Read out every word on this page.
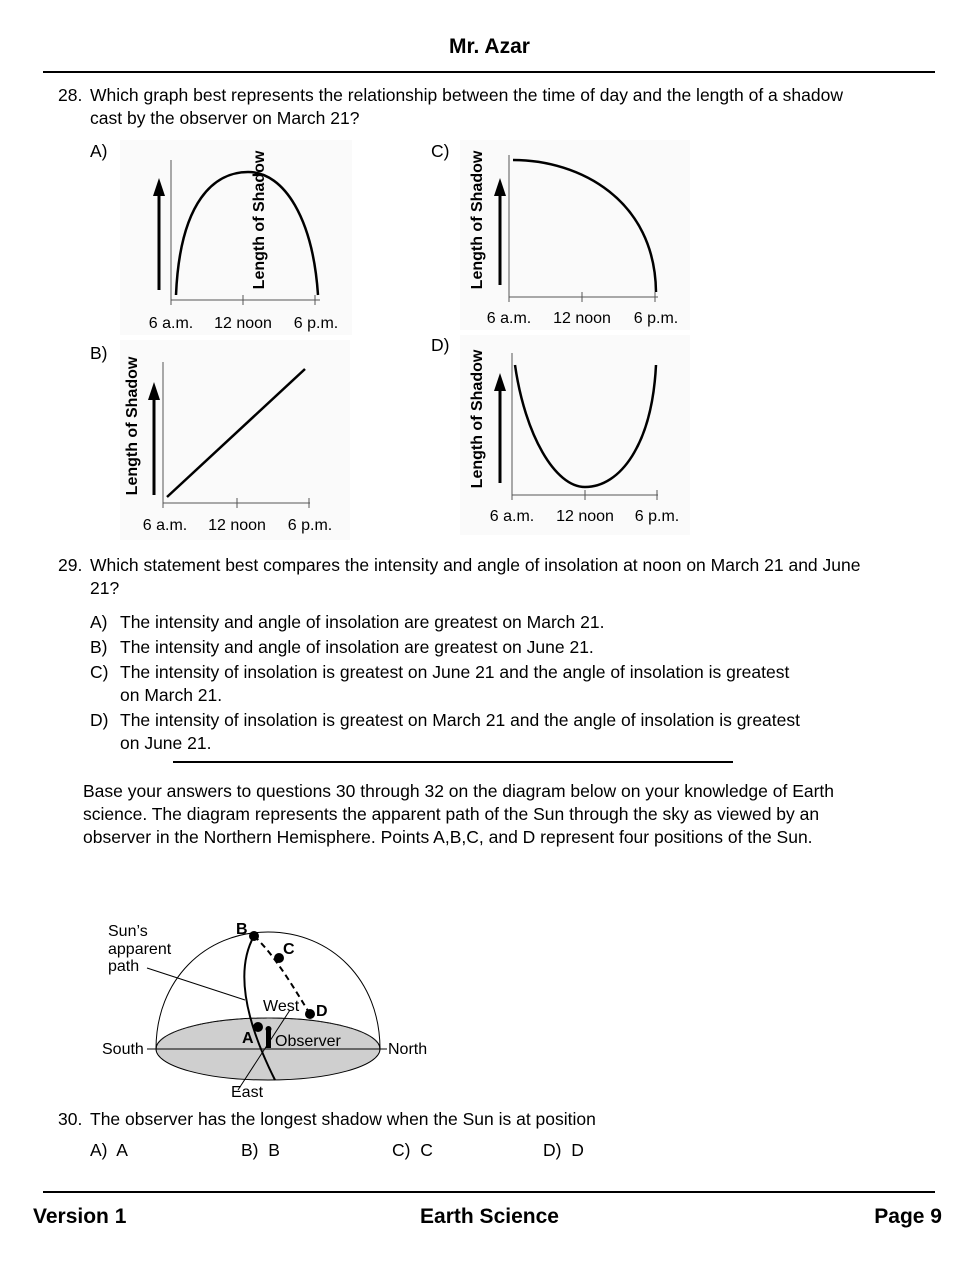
Mr. Azar
28. Which graph best represents the relationship between the time of day and the length of a shadow cast by the observer on March 21?
A)	Length of Shadow
6 a.m. 12 noon 6 p.m.
C) Length of Shadow
6 a.m. 12 noon 6 p.m.
B)
Length of Shadow
6 a.m. 12 noon 6 p.m.
D)
Length of Shadow
6 a.m. 12 noon 6 p.m.
29. Which statement best compares the intensity and angle of insolation at noon on March 21 and June 21?
A) The intensity and angle of insolation are greatest on March 21.
B) The intensity and angle of insolation are greatest on June 21.
C) The intensity of insolation is greatest on June 21 and the angle of insolation is greatest on March 21.
D) The intensity of insolation is greatest on March 21 and the angle of insolation is greatest on June 21.
Base your answers to questions 30 through 32 on the diagram below on your knowledge of Earth science. The diagram represents the apparent path of the Sun through the sky as viewed by an observer in the Northern Hemisphere. Points A,B,C, and D represent four positions of the Sun.
B
C
D
A
Sun’s
apparent
path
West
Observer
South	North
East
30. The observer has the longest shadow when the Sun is at position
A) A	B) B	C) C	D) D
Version 1	Earth Science	Page 9
